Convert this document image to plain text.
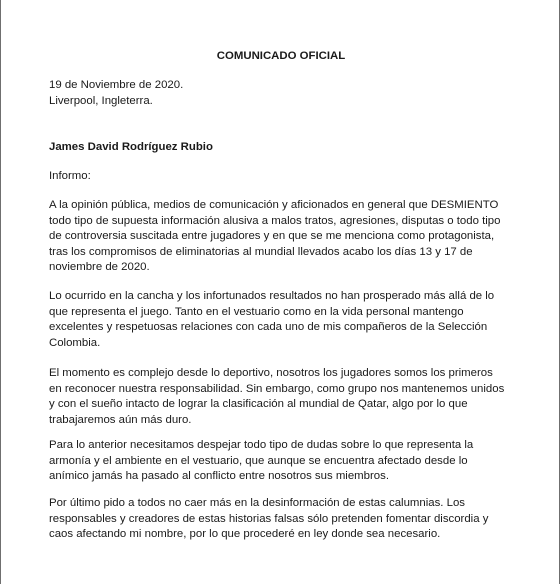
COMUNICADO OFICIAL

19 de Noviembre de 2020.
Liverpool, Ingleterra.

James David Rodríguez Rubio

Informo:

A la opinión pública, medios de comunicación y aficionados en general que DESMIENTO
todo tipo de supuesta información alusiva a malos tratos, agresiones, disputas o todo tipo
de controversia suscitada entre jugadores y en que se me menciona como protagonista,
tras los compromisos de eliminatorias al mundial llevados acabo los días 13 y 17 de
noviembre de 2020.

Lo ocurrido en la cancha y los infortunados resultados no han prosperado más allá de lo
que representa el juego. Tanto en el vestuario como en la vida personal mantengo
excelentes y respetuosas relaciones con cada uno de mis compañeros de la Selección
Colombia.

El momento es complejo desde lo deportivo, nosotros los jugadores somos los primeros
en reconocer nuestra responsabilidad. Sin embargo, como grupo nos mantenemos unidos
y con el sueño intacto de lograr la clasificación al mundial de Qatar, algo por lo que
trabajaremos aún más duro.

Para lo anterior necesitamos despejar todo tipo de dudas sobre lo que representa la
armonía y el ambiente en el vestuario, que aunque se encuentra afectado desde lo
anímico jamás ha pasado al conflicto entre nosotros sus miembros.

Por último pido a todos no caer más en la desinformación de estas calumnias. Los
responsables y creadores de estas historias falsas sólo pretenden fomentar discordia y
caos afectando mi nombre, por lo que procederé en ley donde sea necesario.
